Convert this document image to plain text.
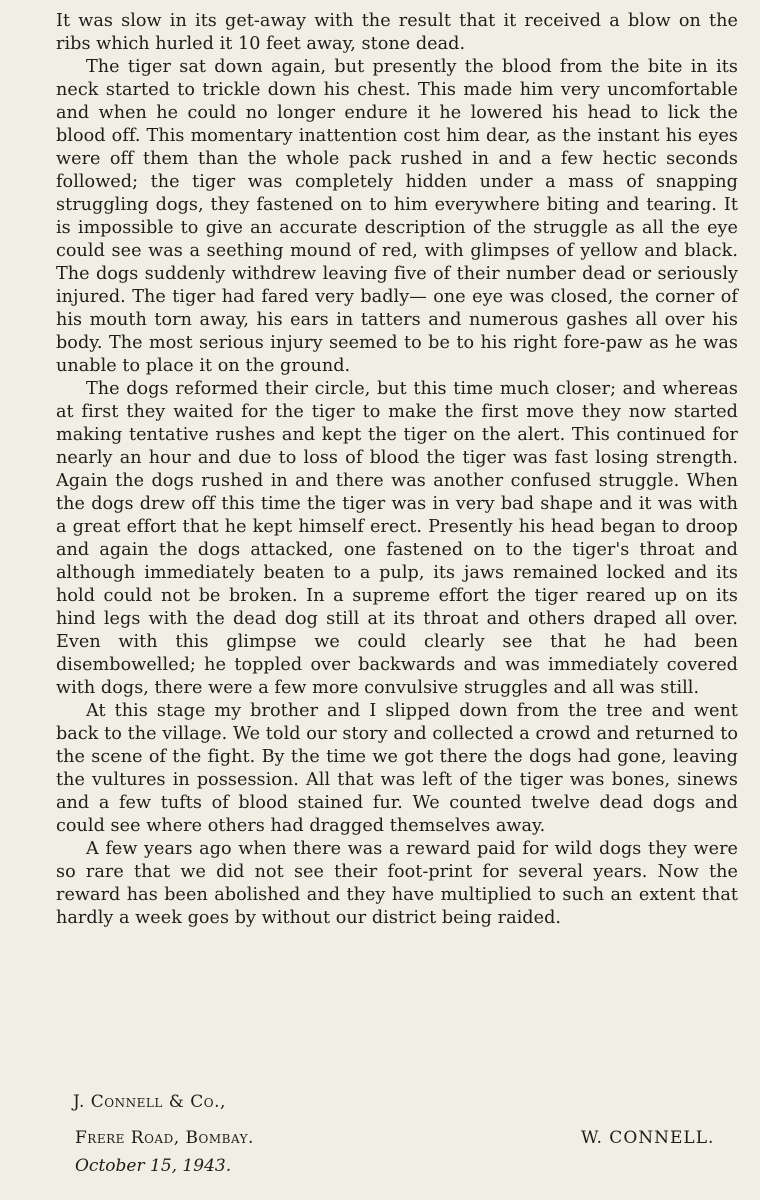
It was slow in its get-away with the result that it received a blow on the ribs which hurled it 10 feet away, stone dead.

The tiger sat down again, but presently the blood from the bite in its neck started to trickle down his chest. This made him very uncomfortable and when he could no longer endure it he lowered his head to lick the blood off. This momentary inattention cost him dear, as the instant his eyes were off them than the whole pack rushed in and a few hectic seconds followed; the tiger was completely hidden under a mass of snapping struggling dogs, they fastened on to him everywhere biting and tearing. It is impossible to give an accurate description of the struggle as all the eye could see was a seething mound of red, with glimpses of yellow and black. The dogs suddenly withdrew leaving five of their number dead or seriously injured. The tiger had fared very badly— one eye was closed, the corner of his mouth torn away, his ears in tatters and numerous gashes all over his body. The most serious injury seemed to be to his right fore-paw as he was unable to place it on the ground.

The dogs reformed their circle, but this time much closer; and whereas at first they waited for the tiger to make the first move they now started making tentative rushes and kept the tiger on the alert. This continued for nearly an hour and due to loss of blood the tiger was fast losing strength. Again the dogs rushed in and there was another confused struggle. When the dogs drew off this time the tiger was in very bad shape and it was with a great effort that he kept himself erect. Presently his head began to droop and again the dogs attacked, one fastened on to the tiger's throat and although immediately beaten to a pulp, its jaws remained locked and its hold could not be broken. In a supreme effort the tiger reared up on its hind legs with the dead dog still at its throat and others draped all over. Even with this glimpse we could clearly see that he had been disembowelled; he toppled over backwards and was immediately covered with dogs, there were a few more convulsive struggles and all was still.

At this stage my brother and I slipped down from the tree and went back to the village. We told our story and collected a crowd and returned to the scene of the fight. By the time we got there the dogs had gone, leaving the vultures in possession. All that was left of the tiger was bones, sinews and a few tufts of blood stained fur. We counted twelve dead dogs and could see where others had dragged themselves away.

A few years ago when there was a reward paid for wild dogs they were so rare that we did not see their foot-print for several years. Now the reward has been abolished and they have multiplied to such an extent that hardly a week goes by without our district being raided.

J. Connell & Co.,
Frere Road, Bombay.
October 15, 1943.
W. CONNELL.
